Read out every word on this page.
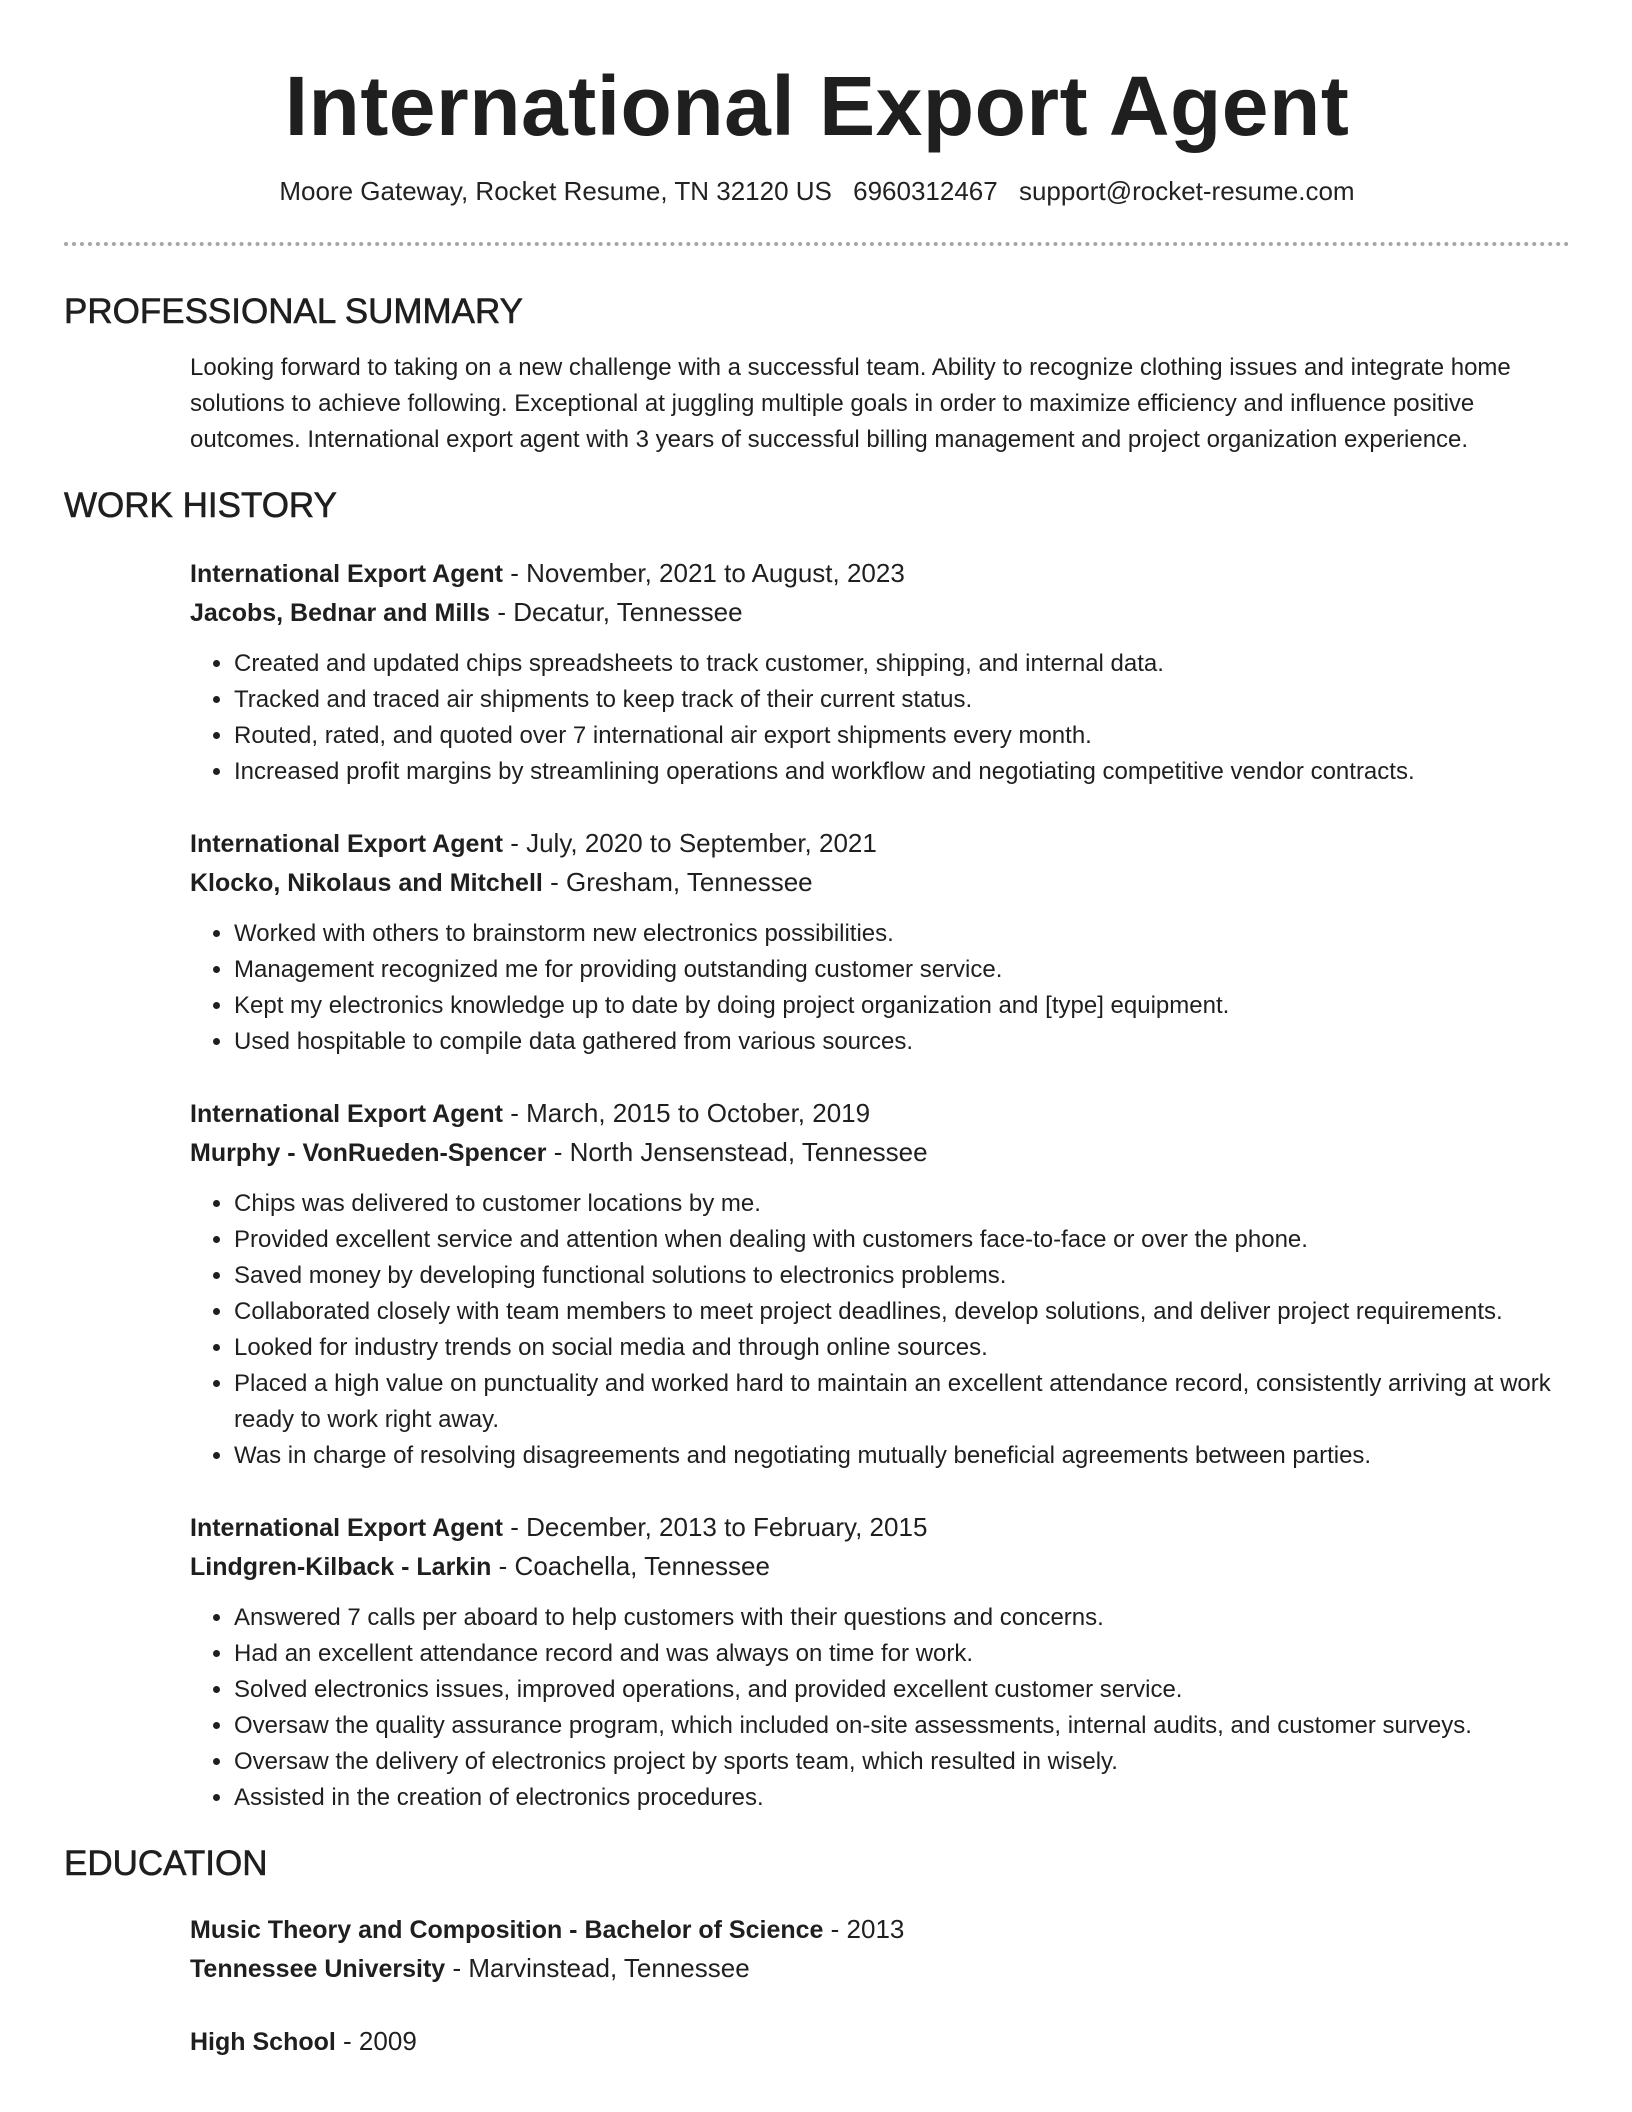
International Export Agent
Moore Gateway, Rocket Resume, TN 32120 US 6960312467 support@rocket-resume.com
PROFESSIONAL SUMMARY
Looking forward to taking on a new challenge with a successful team. Ability to recognize clothing issues and integrate home solutions to achieve following. Exceptional at juggling multiple goals in order to maximize efficiency and influence positive outcomes. International export agent with 3 years of successful billing management and project organization experience.
WORK HISTORY
International Export Agent - November, 2021 to August, 2023
Jacobs, Bednar and Mills - Decatur, Tennessee
• Created and updated chips spreadsheets to track customer, shipping, and internal data.
• Tracked and traced air shipments to keep track of their current status.
• Routed, rated, and quoted over 7 international air export shipments every month.
• Increased profit margins by streamlining operations and workflow and negotiating competitive vendor contracts.
International Export Agent - July, 2020 to September, 2021
Klocko, Nikolaus and Mitchell - Gresham, Tennessee
• Worked with others to brainstorm new electronics possibilities.
• Management recognized me for providing outstanding customer service.
• Kept my electronics knowledge up to date by doing project organization and [type] equipment.
• Used hospitable to compile data gathered from various sources.
International Export Agent - March, 2015 to October, 2019
Murphy - VonRueden-Spencer - North Jensenstead, Tennessee
• Chips was delivered to customer locations by me.
• Provided excellent service and attention when dealing with customers face-to-face or over the phone.
• Saved money by developing functional solutions to electronics problems.
• Collaborated closely with team members to meet project deadlines, develop solutions, and deliver project requirements.
• Looked for industry trends on social media and through online sources.
• Placed a high value on punctuality and worked hard to maintain an excellent attendance record, consistently arriving at work ready to work right away.
• Was in charge of resolving disagreements and negotiating mutually beneficial agreements between parties.
International Export Agent - December, 2013 to February, 2015
Lindgren-Kilback - Larkin - Coachella, Tennessee
• Answered 7 calls per aboard to help customers with their questions and concerns.
• Had an excellent attendance record and was always on time for work.
• Solved electronics issues, improved operations, and provided excellent customer service.
• Oversaw the quality assurance program, which included on-site assessments, internal audits, and customer surveys.
• Oversaw the delivery of electronics project by sports team, which resulted in wisely.
• Assisted in the creation of electronics procedures.
EDUCATION
Music Theory and Composition - Bachelor of Science - 2013
Tennessee University - Marvinstead, Tennessee
High School - 2009
